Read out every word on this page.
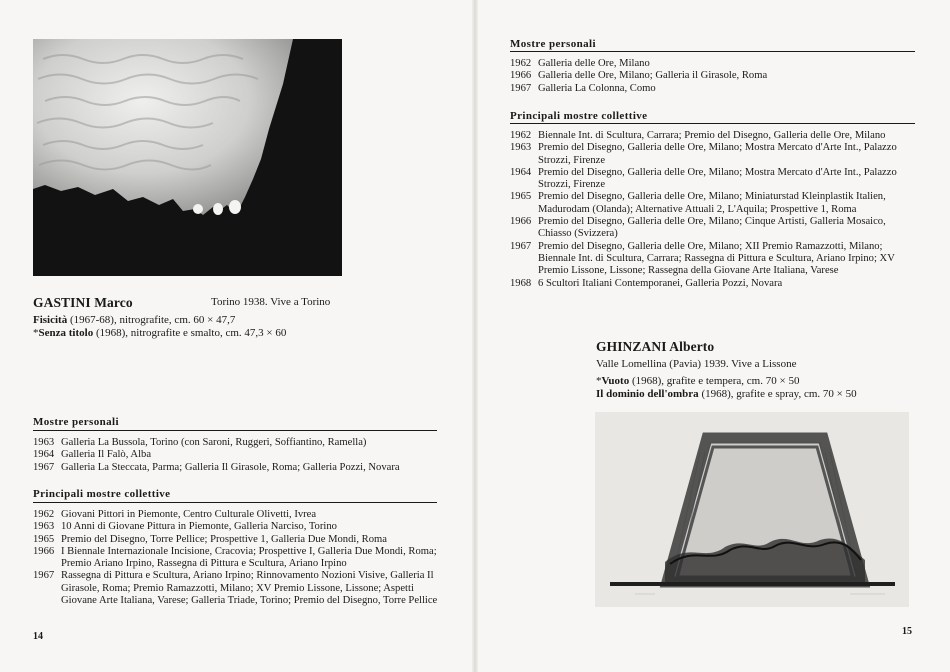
GASTINI Marco	Torino 1938. Vive a Torino
Fisicità (1967-68), nitrografite, cm. 60 × 47,7
*Senza titolo (1968), nitrografite e smalto, cm. 47,3 × 60
Mostre personali
1963 Galleria La Bussola, Torino (con Saroni, Ruggeri, Soffiantino, Ramella)
1964 Galleria Il Falò, Alba
1967 Galleria La Steccata, Parma; Galleria Il Girasole, Roma; Galleria Pozzi, Novara
Principali mostre collettive
1962 Giovani Pittori in Piemonte, Centro Culturale Olivetti, Ivrea
1963 10 Anni di Giovane Pittura in Piemonte, Galleria Narciso, Torino
1965 Premio del Disegno, Torre Pellice; Prospettive 1, Galleria Due Mondi, Roma
1966 I Biennale Internazionale Incisione, Cracovia; Prospettive I, Galleria Due Mondi, Roma; Premio Ariano Irpino, Rassegna di Pittura e Scultura, Ariano Irpino
1967 Rassegna di Pittura e Scultura, Ariano Irpino; Rinnovamento Nozioni Visive, Galleria Il Girasole, Roma; Premio Ramazzotti, Milano; XV Premio Lissone, Lissone; Aspetti Giovane Arte Italiana, Varese; Galleria Triade, Torino; Premio del Disegno, Torre Pellice
14
Mostre personali
1962 Galleria delle Ore, Milano
1966 Galleria delle Ore, Milano; Galleria il Girasole, Roma
1967 Galleria La Colonna, Como
Principali mostre collettive
1962 Biennale Int. di Scultura, Carrara; Premio del Disegno, Galleria delle Ore, Milano
1963 Premio del Disegno, Galleria delle Ore, Milano; Mostra Mercato d'Arte Int., Palazzo Strozzi, Firenze
1964 Premio del Disegno, Galleria delle Ore, Milano; Mostra Mercato d'Arte Int., Palazzo Strozzi, Firenze
1965 Premio del Disegno, Galleria delle Ore, Milano; Miniaturstad Kleinplastik Italien, Madurodam (Olanda); Alternative Attuali 2, L'Aquila; Prospettive 1, Roma
1966 Premio del Disegno, Galleria delle Ore, Milano; Cinque Artisti, Galleria Mosaico, Chiasso (Svizzera)
1967 Premio del Disegno, Galleria delle Ore, Milano; XII Premio Ramazzotti, Milano; Biennale Int. di Scultura, Carrara; Rassegna di Pittura e Scultura, Ariano Irpino; XV Premio Lissone, Lissone; Rassegna della Giovane Arte Italiana, Varese
1968 6 Scultori Italiani Contemporanei, Galleria Pozzi, Novara
GHINZANI Alberto
Valle Lomellina (Pavia) 1939. Vive a Lissone
*Vuoto (1968), grafite e tempera, cm. 70 × 50
Il dominio dell'ombra (1968), grafite e spray, cm. 70 × 50
15
